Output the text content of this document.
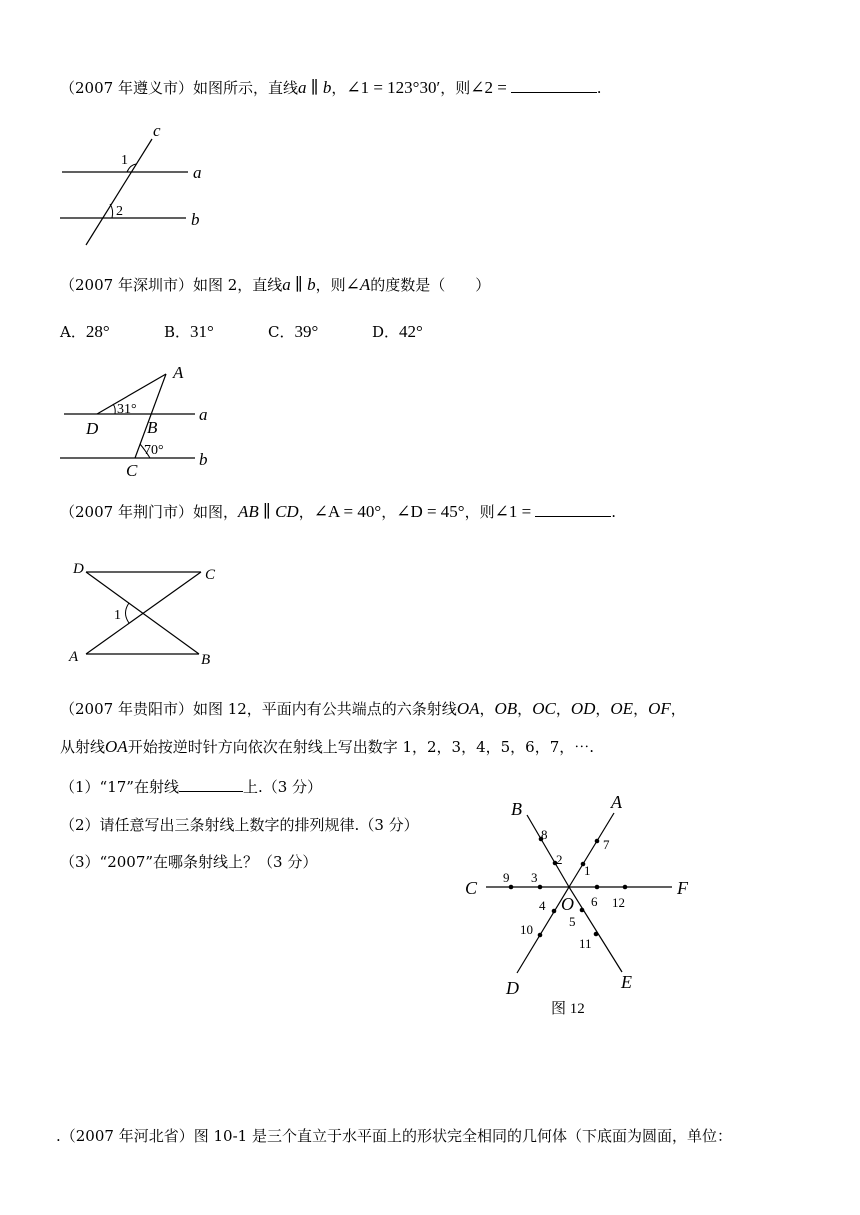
（2007 年遵义市）如图所示，直线a ∥ b，∠1 = 123°30′，则∠2 =	.
c
a
b
1
2
A
D	B
C
a
b
31°
70°
D	C
A	B
1
A
B
C
D	E
F
O
1
2
3
4
5
6
7
8
9
10
11
12
图 12
（2007 年深圳市）如图 2，直线a ∥ b，则∠A的度数是（　　）
A．28°	B．31°	C．39°	D．42°
（2007 年荆门市）如图，AB ∥ CD，∠A = 40°，∠D = 45°，则∠1 =	.
（2007 年贵阳市）如图 12，平面内有公共端点的六条射线OA，OB，OC，OD，OE，OF，
从射线OA开始按逆时针方向依次在射线上写出数字 1，2，3，4，5，6，7，⋯.
（1）“17”在射线	上.（3 分）
（2）请任意写出三条射线上数字的排列规律.（3 分）
（3）“2007”在哪条射线上？（3 分）
.（2007 年河北省）图 10-1 是三个直立于水平面上的形状完全相同的几何体（下底面为圆面，单位：
